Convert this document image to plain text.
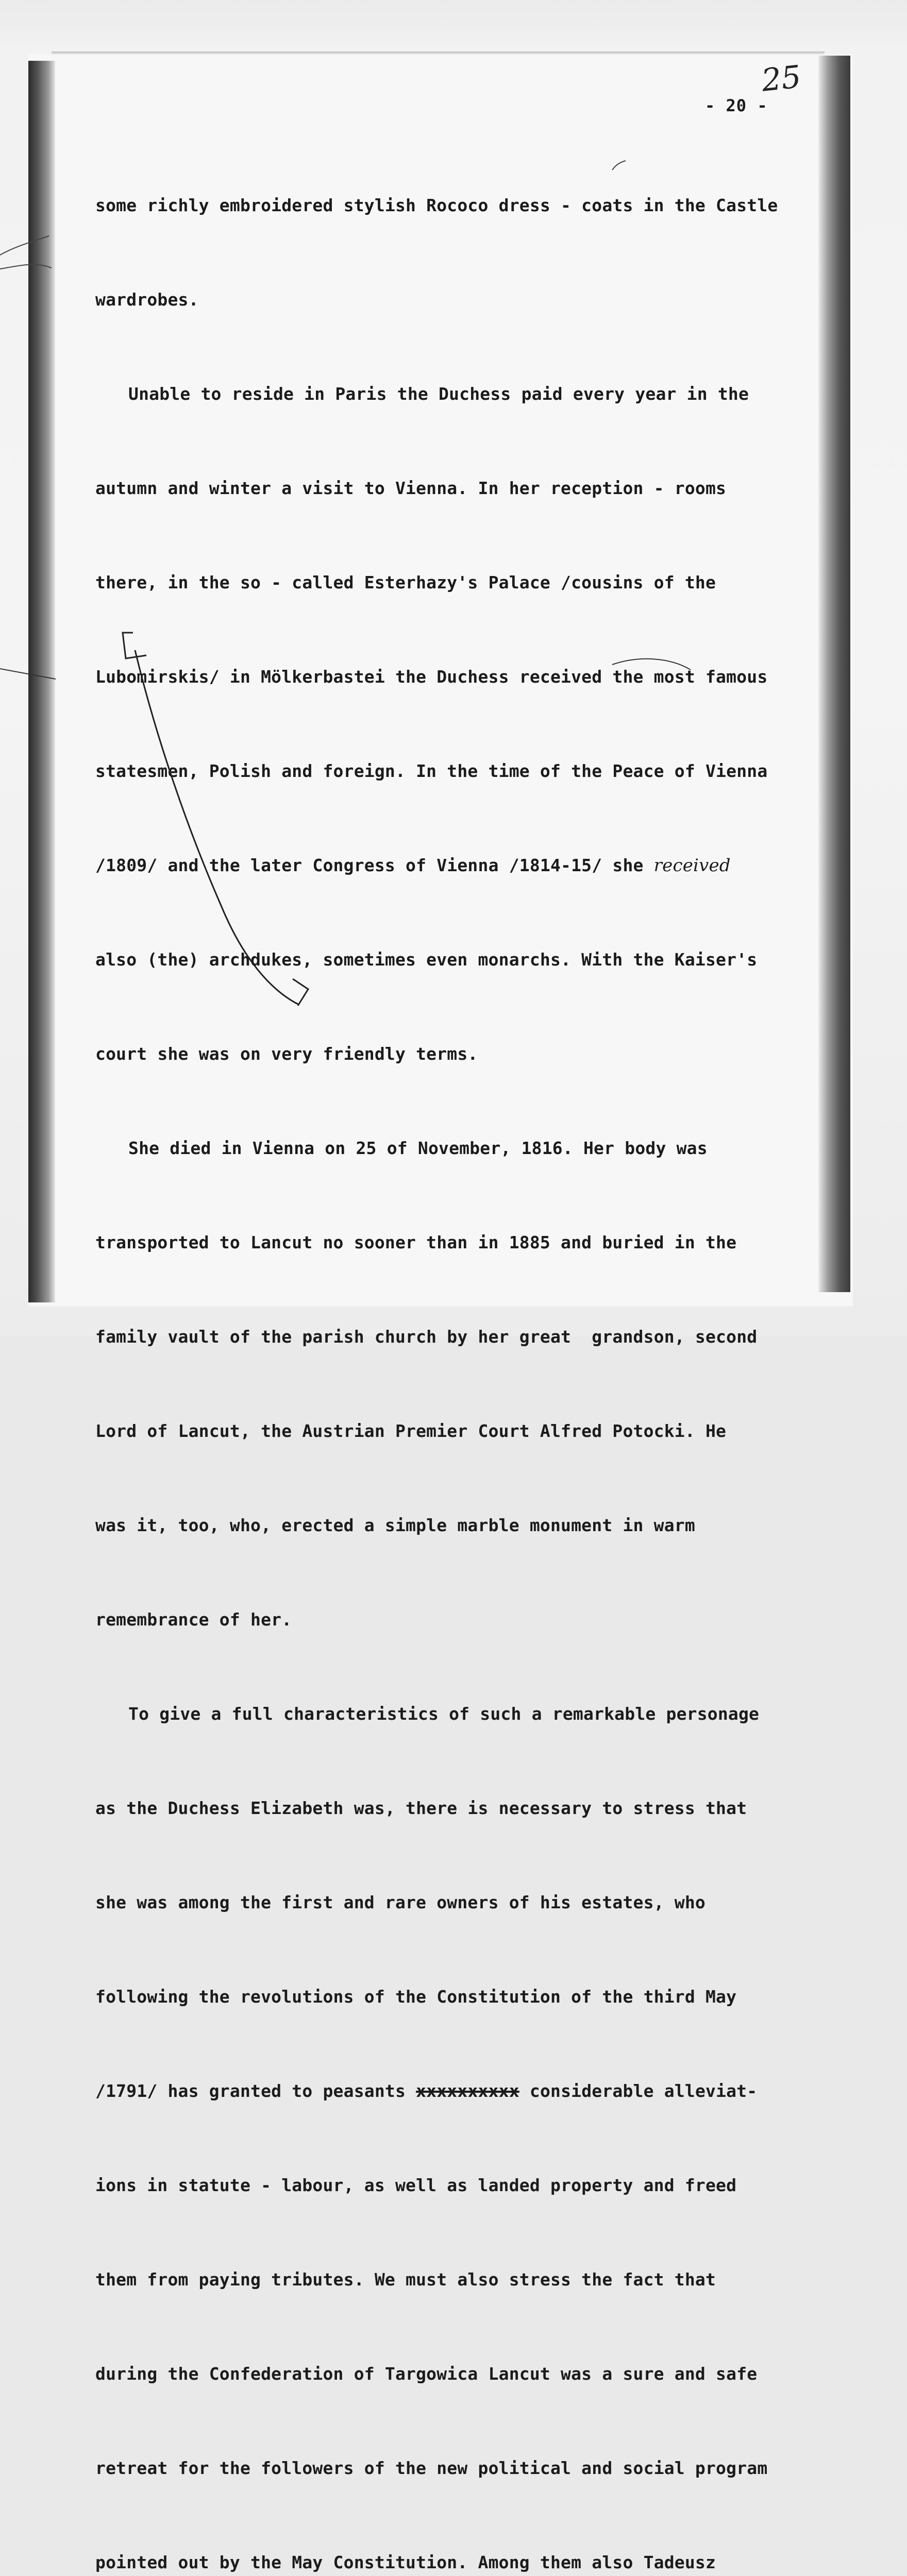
25
- 20 -

some richly embroidered stylish Rococo dress - coats in the Castle

wardrobes.

Unable to reside in Paris the Duchess paid every year in the

autumn and winter a visit to Vienna. In her reception - rooms

there, in the so - called Esterhazy's Palace /cousins of the

Lubomirskis/ in Mölkerbastei the Duchess received the most famous

statesmen, Polish and foreign. In the time of the Peace of Vienna

/1809/ and the later Congress of Vienna /1814-15/ she received

also (the) archdukes, sometimes even monarchs. With the Kaiser's

court she was on very friendly terms.

She died in Vienna on 25 of November, 1816. Her body was

transported to Lancut no sooner than in 1885 and buried in the

family vault of the parish church by her great  grandson, second

Lord of Lancut, the Austrian Premier Court Alfred Potocki. He

was it, too, who, erected a simple marble monument in warm

remembrance of her.

To give a full characteristics of such a remarkable personage

as the Duchess Elizabeth was, there is necessary to stress that

she was among the first and rare owners of his estates, who

following the revolutions of the Constitution of the third May

/1791/ has granted to peasants xxxxxxxxxx considerable alleviat-

ions in statute - labour, as well as landed property and freed

them from paying tributes. We must also stress the fact that

during the Confederation of Targowica Lancut was a sure and safe

retreat for the followers of the new political and social program

pointed out by the May Constitution. Among them also Tadeusz
